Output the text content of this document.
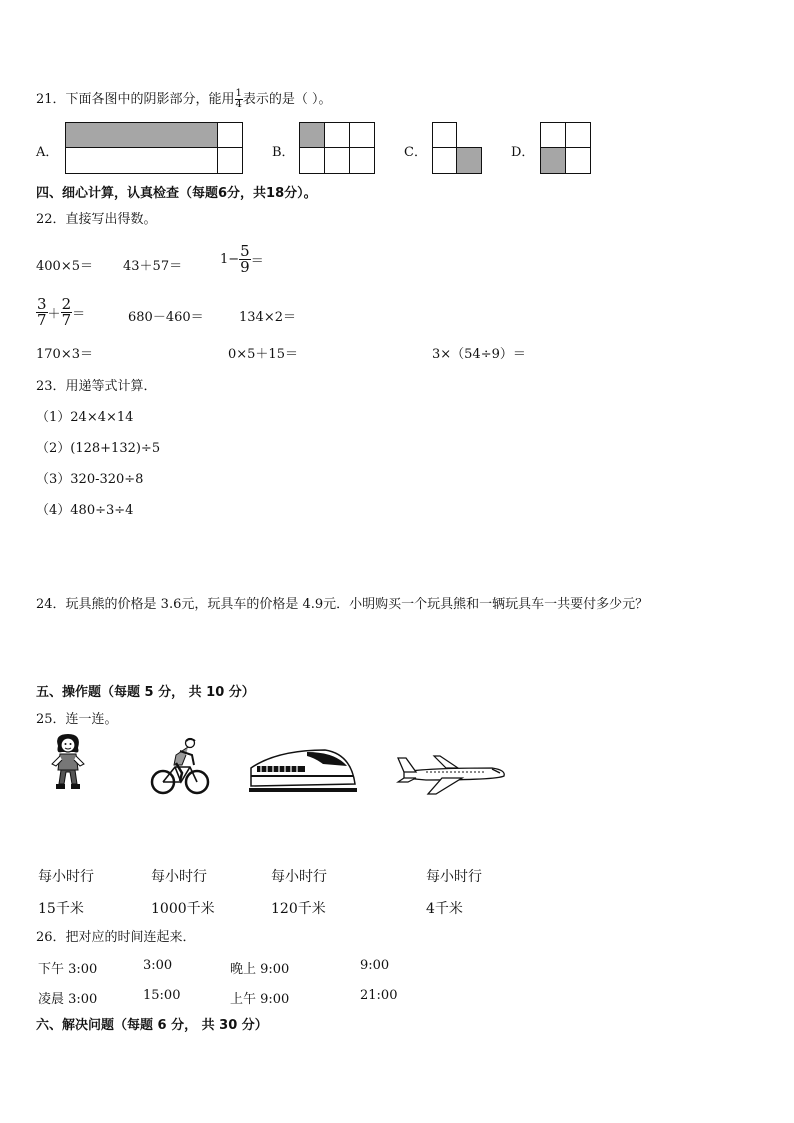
21．下面各图中的阴影部分，能用 $\frac{1}{4}$ 表示的是（ ）。
A．	B．	C．	D．
四、细心计算，认真检查（每题6分，共18分）。
22．直接写出得数。
400×5＝ 43＋57＝	$1- \frac{5}{9}$ ＝
$\frac{3}{7} + \frac{2}{7}$ ＝	680－460＝	134×2＝
170×3＝	0×5＋15＝	3×（54÷9）＝
23．用递等式计算．
（1）24×4×14
（2）(128+132)÷5
（3）320-320÷8
（4）480÷3÷4
24．玩具熊的价格是 3.6元，玩具车的价格是 4.9元．小明购买一个玩具熊和一辆玩具车一共要付多少元？
五、操作题（每题 5 分， 共 10 分）
25．连一连。
每小时行	每小时行	每小时行	每小时行
15千米	1000千米	120千米	4千米
26．把对应的时间连起来．
下午 3:00	3:00	晚上 9:00	9:00
凌晨 3:00	15:00	上午 9:00	21:00
六、解决问题（每题 6 分， 共 30 分）
